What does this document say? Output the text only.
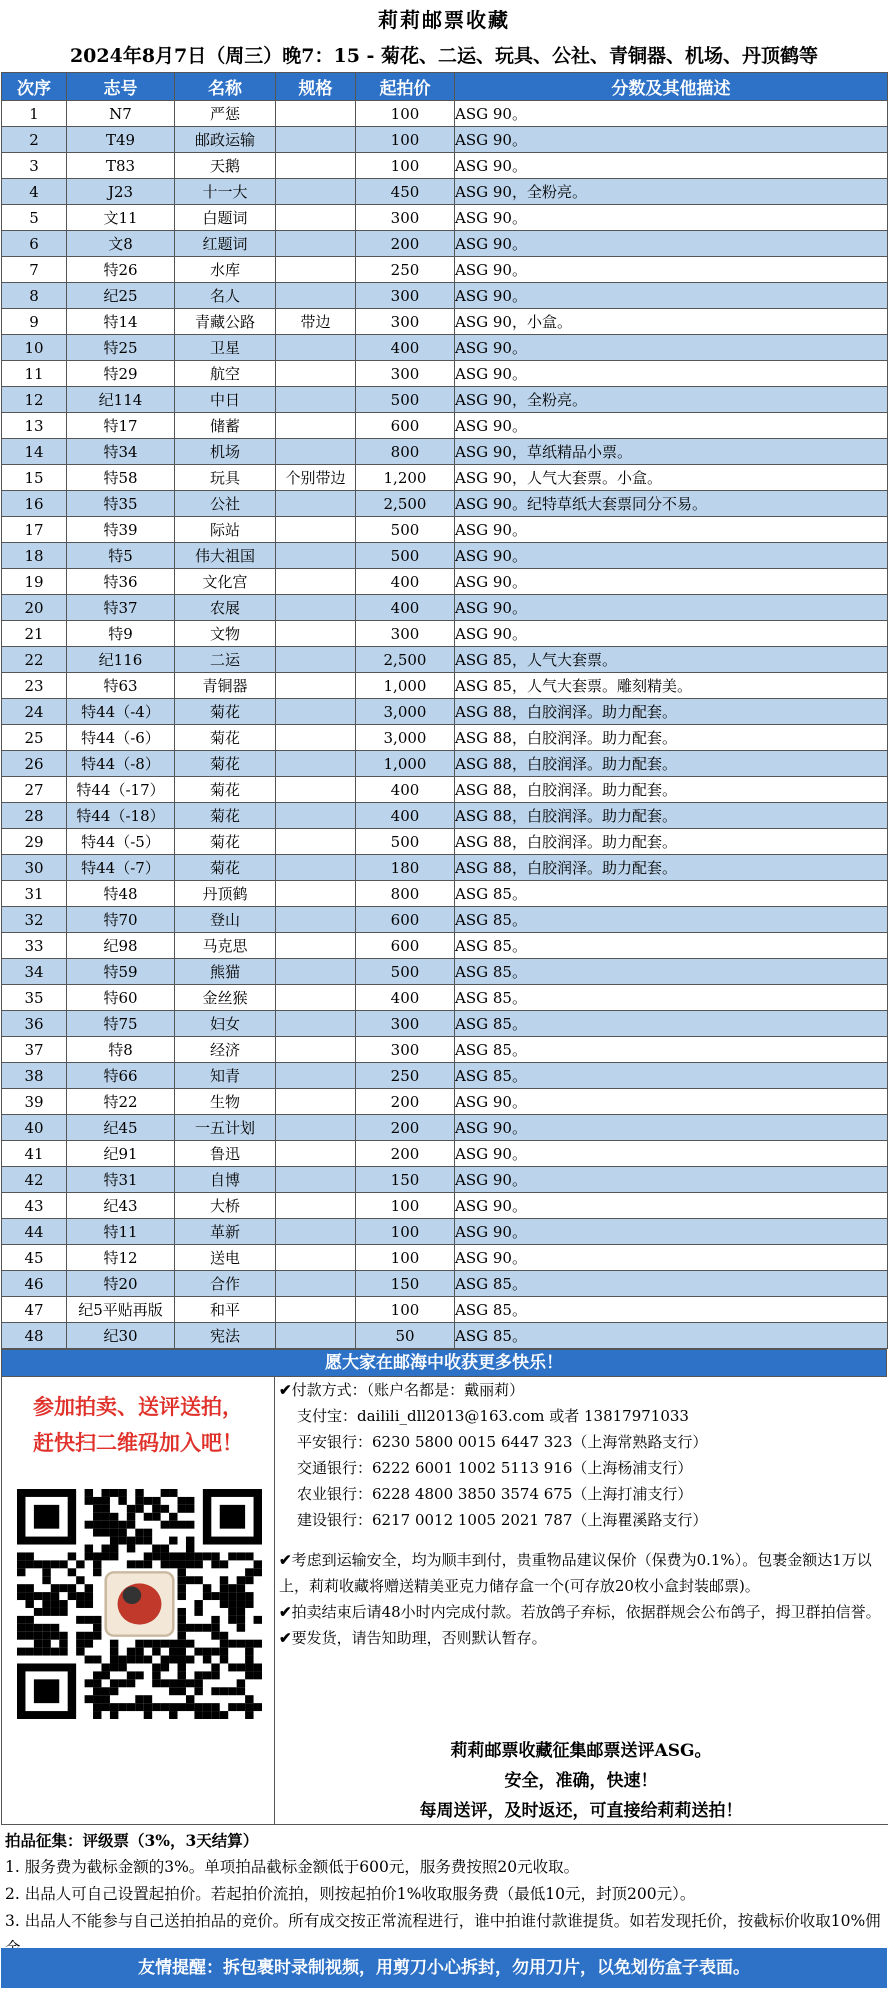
莉莉邮票收藏
2024年8月7日（周三）晚7：15 - 菊花、二运、玩具、公社、青铜器、机场、丹顶鹤等
次序	志号	名称	规格	起拍价	分数及其他描述
1	N7	严惩		100	ASG 90。
2	T49	邮政运输		100	ASG 90。
3	T83	天鹅		100	ASG 90。
4	J23	十一大		450	ASG 90，全粉亮。
5	文11	白题词		300	ASG 90。
6	文8	红题词		200	ASG 90。
7	特26	水库		250	ASG 90。
8	纪25	名人		300	ASG 90。
9	特14	青藏公路	带边	300	ASG 90，小盒。
10	特25	卫星		400	ASG 90。
11	特29	航空		300	ASG 90。
12	纪114	中日		500	ASG 90，全粉亮。
13	特17	储蓄		600	ASG 90。
14	特34	机场		800	ASG 90，草纸精品小票。
15	特58	玩具	个别带边	1,200	ASG 90，人气大套票。小盒。
16	特35	公社		2,500	ASG 90。纪特草纸大套票同分不易。
17	特39	际站		500	ASG 90。
18	特5	伟大祖国		500	ASG 90。
19	特36	文化宫		400	ASG 90。
20	特37	农展		400	ASG 90。
21	特9	文物		300	ASG 90。
22	纪116	二运		2,500	ASG 85，人气大套票。
23	特63	青铜器		1,000	ASG 85，人气大套票。雕刻精美。
24	特44（-4）	菊花		3,000	ASG 88，白胶润泽。助力配套。
25	特44（-6）	菊花		3,000	ASG 88，白胶润泽。助力配套。
26	特44（-8）	菊花		1,000	ASG 88，白胶润泽。助力配套。
27	特44（-17）	菊花		400	ASG 88，白胶润泽。助力配套。
28	特44（-18）	菊花		400	ASG 88，白胶润泽。助力配套。
29	特44（-5）	菊花		500	ASG 88，白胶润泽。助力配套。
30	特44（-7）	菊花		180	ASG 88，白胶润泽。助力配套。
31	特48	丹顶鹤		800	ASG 85。
32	特70	登山		600	ASG 85。
33	纪98	马克思		600	ASG 85。
34	特59	熊猫		500	ASG 85。
35	特60	金丝猴		400	ASG 85。
36	特75	妇女		300	ASG 85。
37	特8	经济		300	ASG 85。
38	特66	知青		250	ASG 85。
39	特22	生物		200	ASG 90。
40	纪45	一五计划		200	ASG 90。
41	纪91	鲁迅		200	ASG 90。
42	特31	自博		150	ASG 90。
43	纪43	大桥		100	ASG 90。
44	特11	革新		100	ASG 90。
45	特12	送电		100	ASG 90。
46	特20	合作		150	ASG 85。
47	纪5平贴再版	和平		100	ASG 85。
48	纪30	宪法		50	ASG 85。
愿大家在邮海中收获更多快乐！
参加拍卖、送评送拍，
赶快扫二维码加入吧！
✔付款方式：（账户名都是：戴丽莉）
支付宝：dailili_dll2013@163.com 或者 13817971033
平安银行：6230 5800 0015 6447 323（上海常熟路支行）
交通银行：6222 6001 1002 5113 916（上海杨浦支行）
农业银行：6228 4800 3850 3574 675（上海打浦支行）
建设银行：6217 0012 1005 2021 787（上海瞿溪路支行）

✔考虑到运输安全，均为顺丰到付，贵重物品建议保价（保费为0.1%）。包裹金额达1万以上，莉莉收藏将赠送精美亚克力储存盒一个(可存放20枚小盒封装邮票)。

✔拍卖结束后请48小时内完成付款。若放鸽子弃标，依据群规会公布鸽子，拇卫群拍信誉。

✔要发货，请告知助理，否则默认暂存。

莉莉邮票收藏征集邮票送评ASG。
安全，准确，快速！
每周送评，及时返还，可直接给莉莉送拍！

拍品征集：评级票（3%，3天结算）

1. 服务费为截标金额的3%。单项拍品截标金额低于600元，服务费按照20元收取。

2. 出品人可自己设置起拍价。若起拍价流拍，则按起拍价1%收取服务费（最低10元，封顶200元）。

3. 出品人不能参与自己送拍拍品的竞价。所有成交按正常流程进行，谁中拍谁付款谁提货。如若发现托价，按截标价收取10%佣

友情提醒：拆包裹时录制视频，用剪刀小心拆封，勿用刀片，以免划伤盒子表面。
